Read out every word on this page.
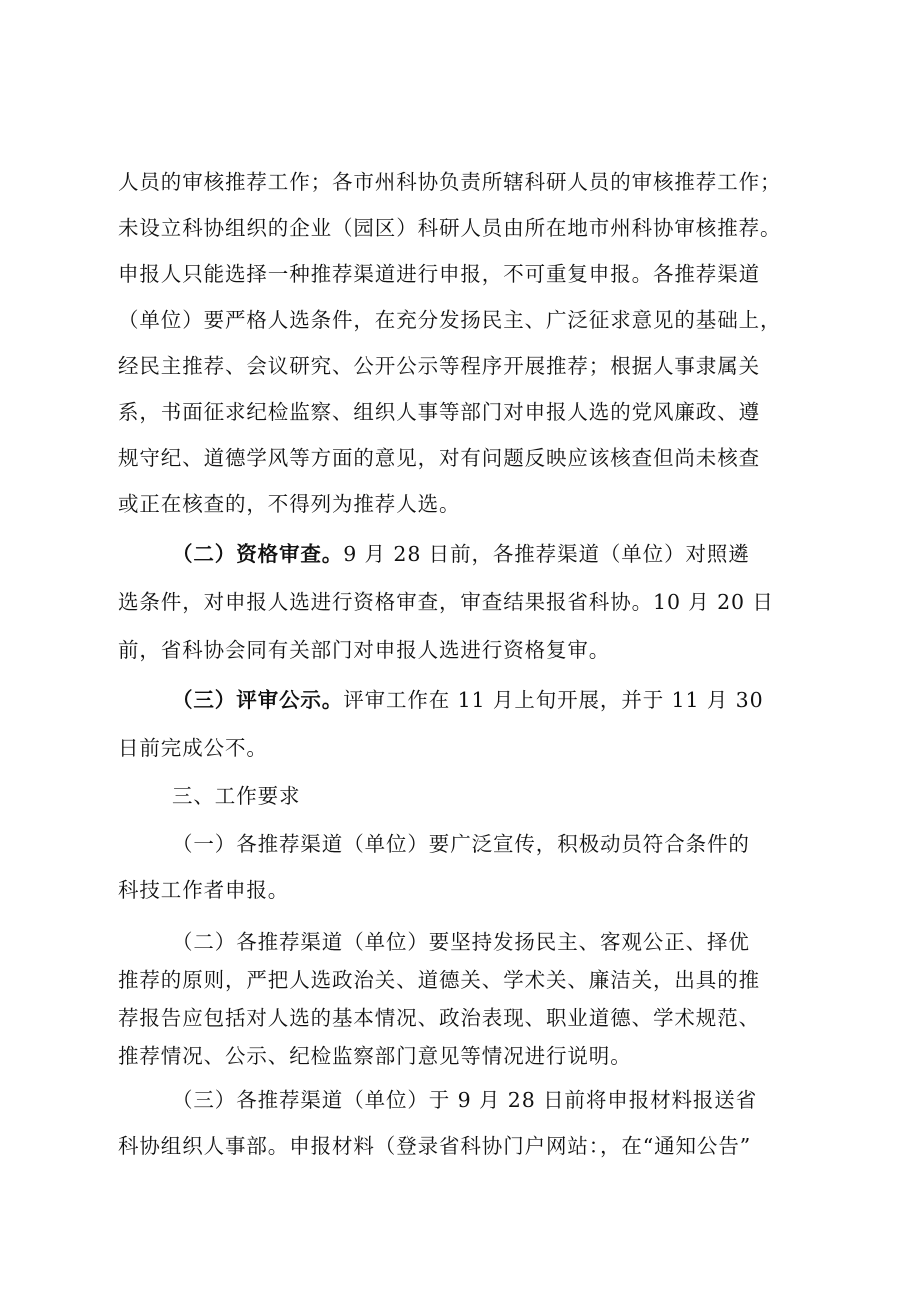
人员的审核推荐工作；各市州科协负责所辖科研人员的审核推荐工作；
未设立科协组织的企业（园区）科研人员由所在地市州科协审核推荐。
申报人只能选择一种推荐渠道进行申报，不可重复申报。各推荐渠道
（单位）要严格人选条件，在充分发扬民主、广泛征求意见的基础上，
经民主推荐、会议研究、公开公示等程序开展推荐；根据人事隶属关
系，书面征求纪检监察、组织人事等部门对申报人选的党风廉政、遵
规守纪、道德学风等方面的意见，对有问题反映应该核查但尚未核查
或正在核查的，不得列为推荐人选。
（二）资格审查。9 月 28 日前，各推荐渠道（单位）对照遴
选条件，对申报人选进行资格审查，审查结果报省科协。10 月 20 日
前，省科协会同有关部门对申报人选进行资格复审。
（三）评审公示。评审工作在 11 月上旬开展，并于 11 月 30
日前完成公不。
三、工作要求
（一）各推荐渠道（单位）要广泛宣传，积极动员符合条件的
科技工作者申报。
（二）各推荐渠道（单位）要坚持发扬民主、客观公正、择优
推荐的原则，严把人选政治关、道德关、学术关、廉洁关，出具的推
荐报告应包括对人选的基本情况、政治表现、职业道德、学术规范、
推荐情况、公示、纪检监察部门意见等情况进行说明。
（三）各推荐渠道（单位）于 9 月 28 日前将申报材料报送省
科协组织人事部。申报材料（登录省科协门户网站：，在“通知公告”
